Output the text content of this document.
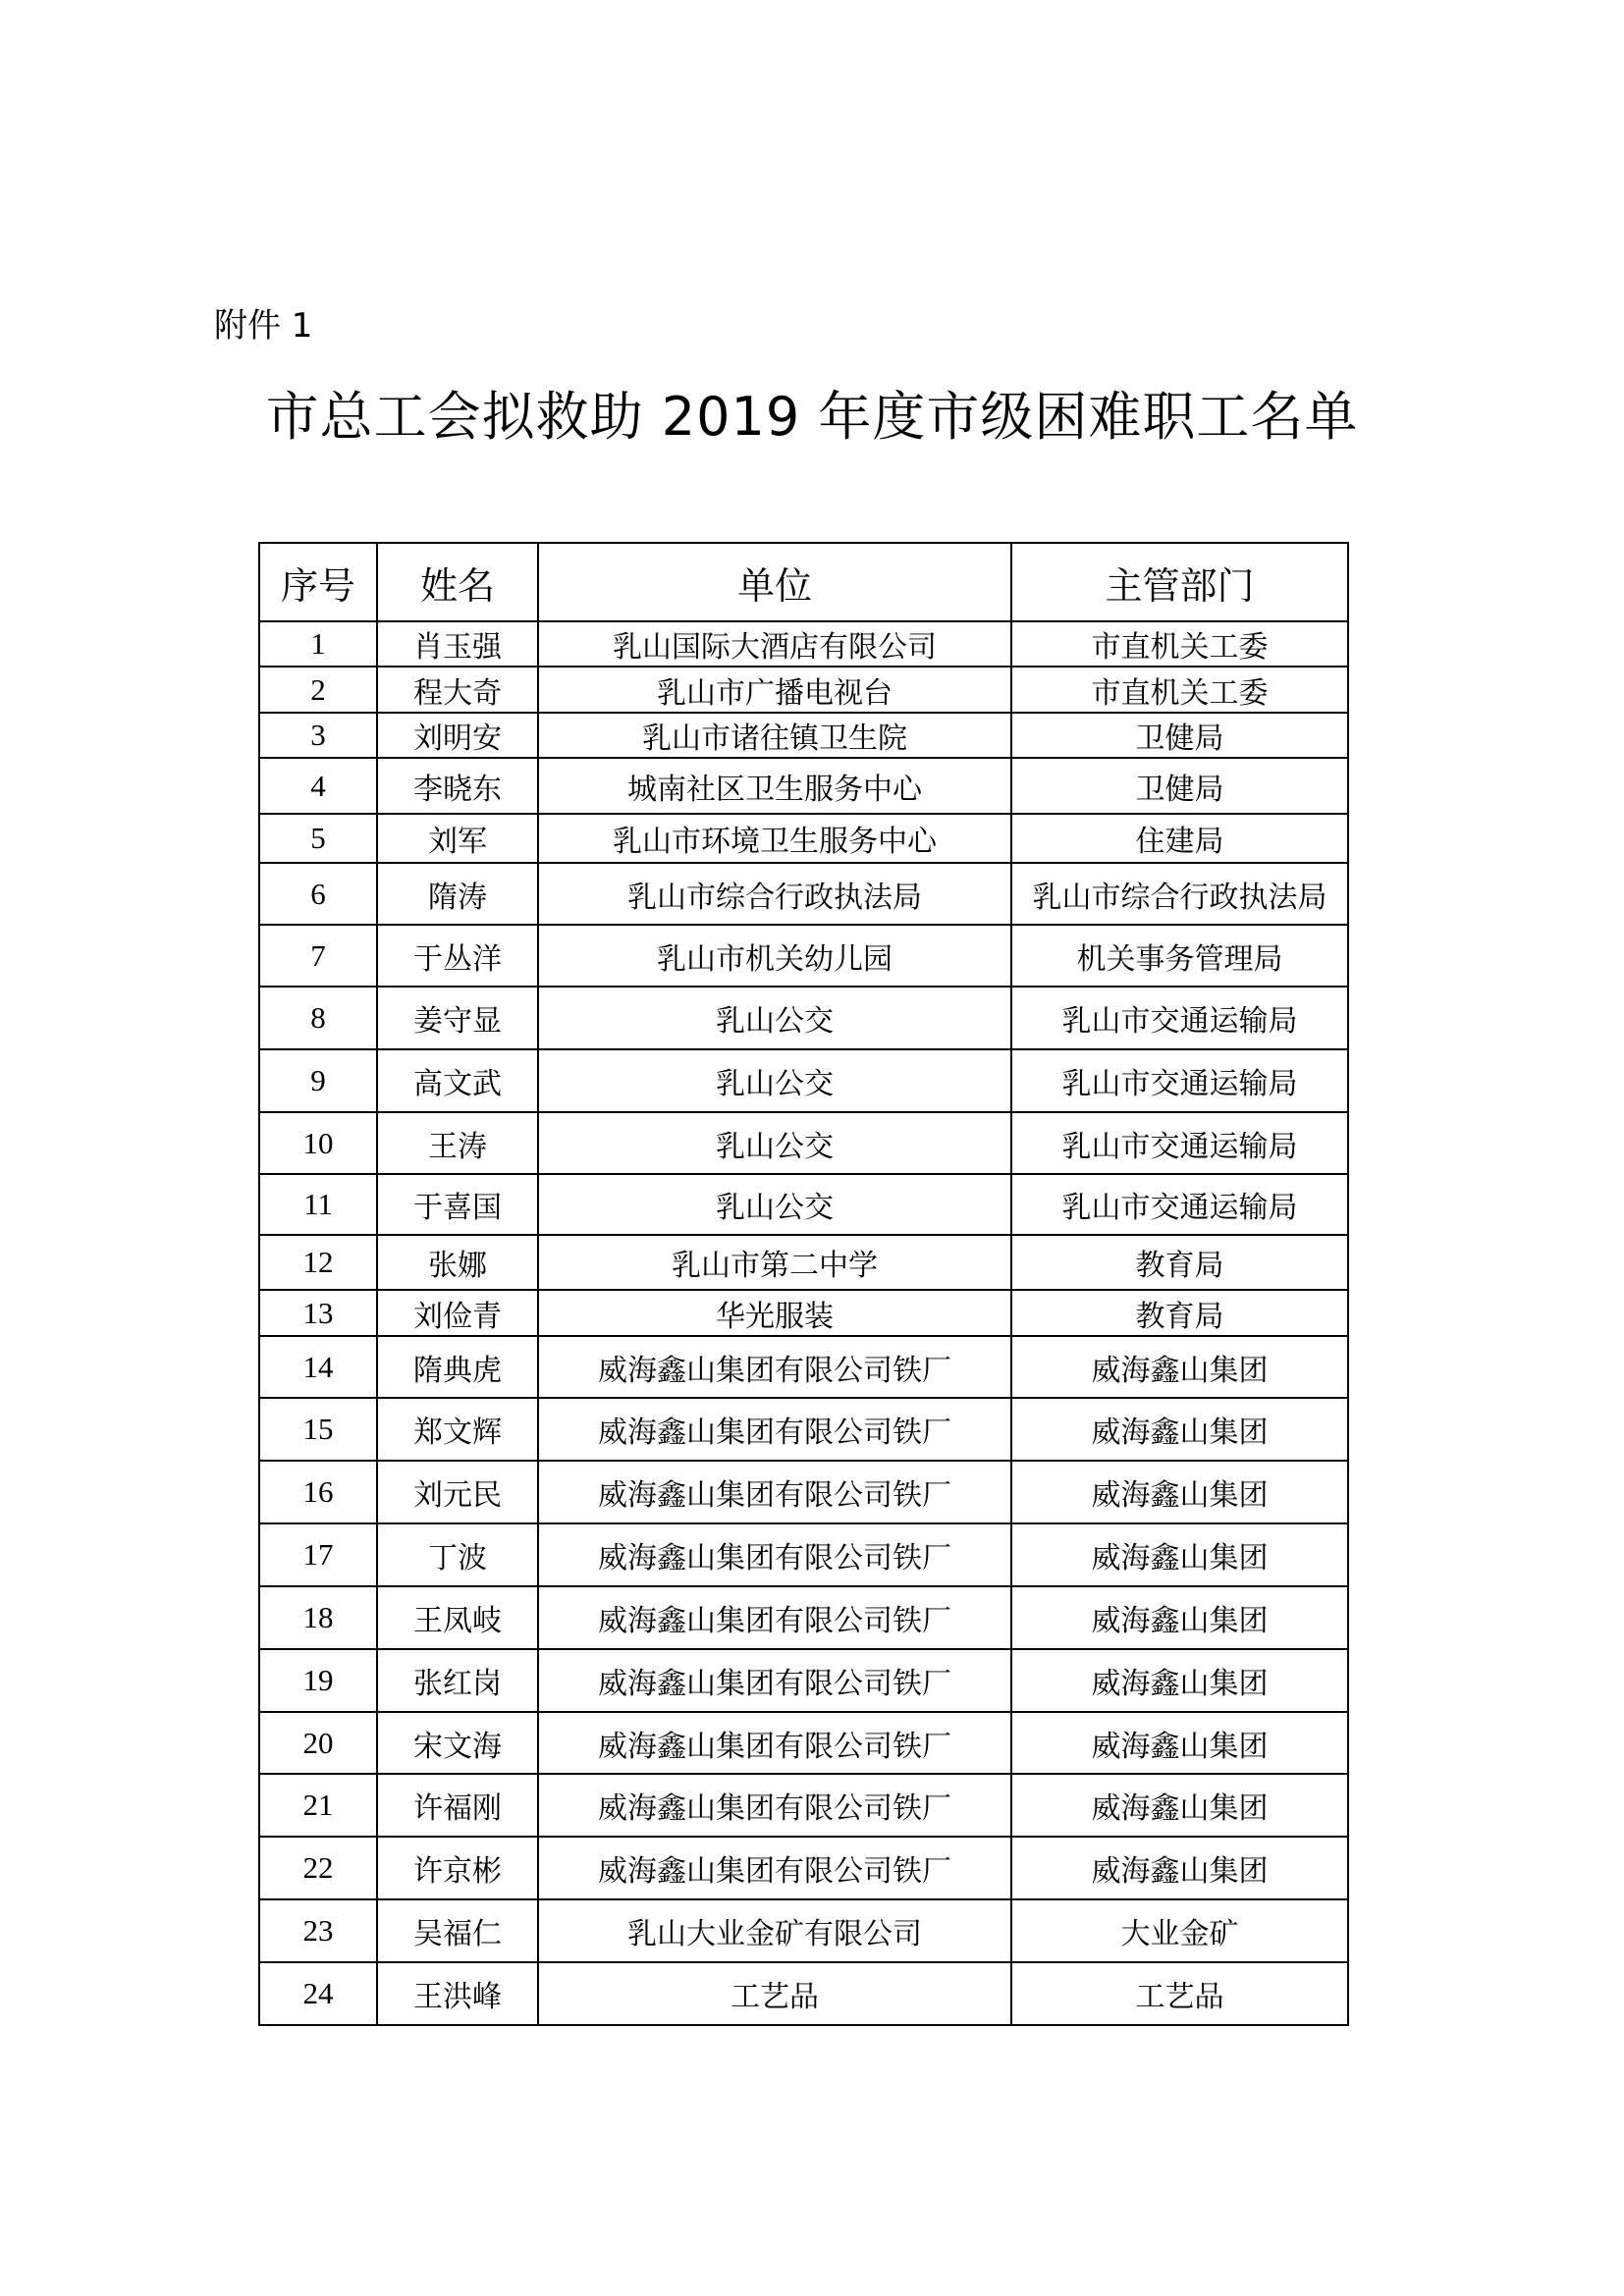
附件 1
市总工会拟救助 2019 年度市级困难职工名单
序号	姓名	单位	主管部门
1	肖玉强	乳山国际大酒店有限公司	市直机关工委
2	程大奇	乳山市广播电视台	市直机关工委
3	刘明安	乳山市诸往镇卫生院	卫健局
4	李晓东	城南社区卫生服务中心	卫健局
5	刘军	乳山市环境卫生服务中心	住建局
6	隋涛	乳山市综合行政执法局	乳山市综合行政执法局
7	于丛洋	乳山市机关幼儿园	机关事务管理局
8	姜守显	乳山公交	乳山市交通运输局
9	高文武	乳山公交	乳山市交通运输局
10	王涛	乳山公交	乳山市交通运输局
11	于喜国	乳山公交	乳山市交通运输局
12	张娜	乳山市第二中学	教育局
13	刘俭青	华光服装	教育局
14	隋典虎	威海鑫山集团有限公司铁厂	威海鑫山集团
15	郑文辉	威海鑫山集团有限公司铁厂	威海鑫山集团
16	刘元民	威海鑫山集团有限公司铁厂	威海鑫山集团
17	丁波	威海鑫山集团有限公司铁厂	威海鑫山集团
18	王凤岐	威海鑫山集团有限公司铁厂	威海鑫山集团
19	张红岗	威海鑫山集团有限公司铁厂	威海鑫山集团
20	宋文海	威海鑫山集团有限公司铁厂	威海鑫山集团
21	许福刚	威海鑫山集团有限公司铁厂	威海鑫山集团
22	许京彬	威海鑫山集团有限公司铁厂	威海鑫山集团
23	吴福仁	乳山大业金矿有限公司	大业金矿
24	王洪峰	工艺品	工艺品
